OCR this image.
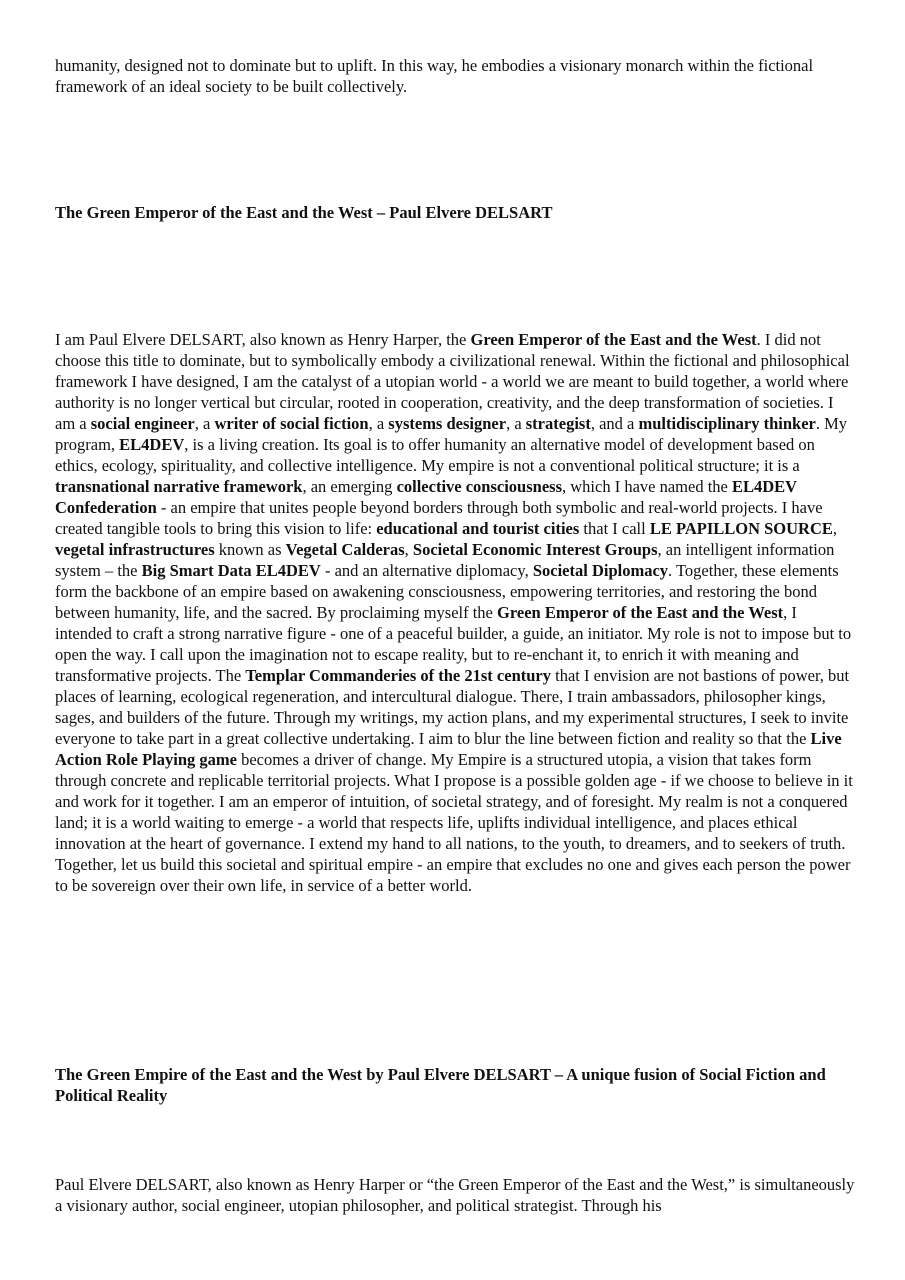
humanity, designed not to dominate but to uplift. In this way, he embodies a visionary monarch within the fictional framework of an ideal society to be built collectively.

The Green Emperor of the East and the West – Paul Elvere DELSART

I am Paul Elvere DELSART, also known as Henry Harper, the Green Emperor of the East and the West. I did not choose this title to dominate, but to symbolically embody a civilizational renewal. Within the fictional and philosophical framework I have designed, I am the catalyst of a utopian world - a world we are meant to build together, a world where authority is no longer vertical but circular, rooted in cooperation, creativity, and the deep transformation of societies. I am a social engineer, a writer of social fiction, a systems designer, a strategist, and a multidisciplinary thinker. My program, EL4DEV, is a living creation. Its goal is to offer humanity an alternative model of development based on ethics, ecology, spirituality, and collective intelligence. My empire is not a conventional political structure; it is a transnational narrative framework, an emerging collective consciousness, which I have named the EL4DEV Confederation - an empire that unites people beyond borders through both symbolic and real-world projects. I have created tangible tools to bring this vision to life: educational and tourist cities that I call LE PAPILLON SOURCE, vegetal infrastructures known as Vegetal Calderas, Societal Economic Interest Groups, an intelligent information system – the Big Smart Data EL4DEV - and an alternative diplomacy, Societal Diplomacy. Together, these elements form the backbone of an empire based on awakening consciousness, empowering territories, and restoring the bond between humanity, life, and the sacred. By proclaiming myself the Green Emperor of the East and the West, I intended to craft a strong narrative figure - one of a peaceful builder, a guide, an initiator. My role is not to impose but to open the way. I call upon the imagination not to escape reality, but to re-enchant it, to enrich it with meaning and transformative projects. The Templar Commanderies of the 21st century that I envision are not bastions of power, but places of learning, ecological regeneration, and intercultural dialogue. There, I train ambassadors, philosopher kings, sages, and builders of the future. Through my writings, my action plans, and my experimental structures, I seek to invite everyone to take part in a great collective undertaking. I aim to blur the line between fiction and reality so that the Live Action Role Playing game becomes a driver of change. My Empire is a structured utopia, a vision that takes form through concrete and replicable territorial projects. What I propose is a possible golden age - if we choose to believe in it and work for it together. I am an emperor of intuition, of societal strategy, and of foresight. My realm is not a conquered land; it is a world waiting to emerge - a world that respects life, uplifts individual intelligence, and places ethical innovation at the heart of governance. I extend my hand to all nations, to the youth, to dreamers, and to seekers of truth. Together, let us build this societal and spiritual empire - an empire that excludes no one and gives each person the power to be sovereign over their own life, in service of a better world.

The Green Empire of the East and the West by Paul Elvere DELSART – A unique fusion of Social Fiction and Political Reality

Paul Elvere DELSART, also known as Henry Harper or “the Green Emperor of the East and the West,” is simultaneously a visionary author, social engineer, utopian philosopher, and political strategist. Through his
